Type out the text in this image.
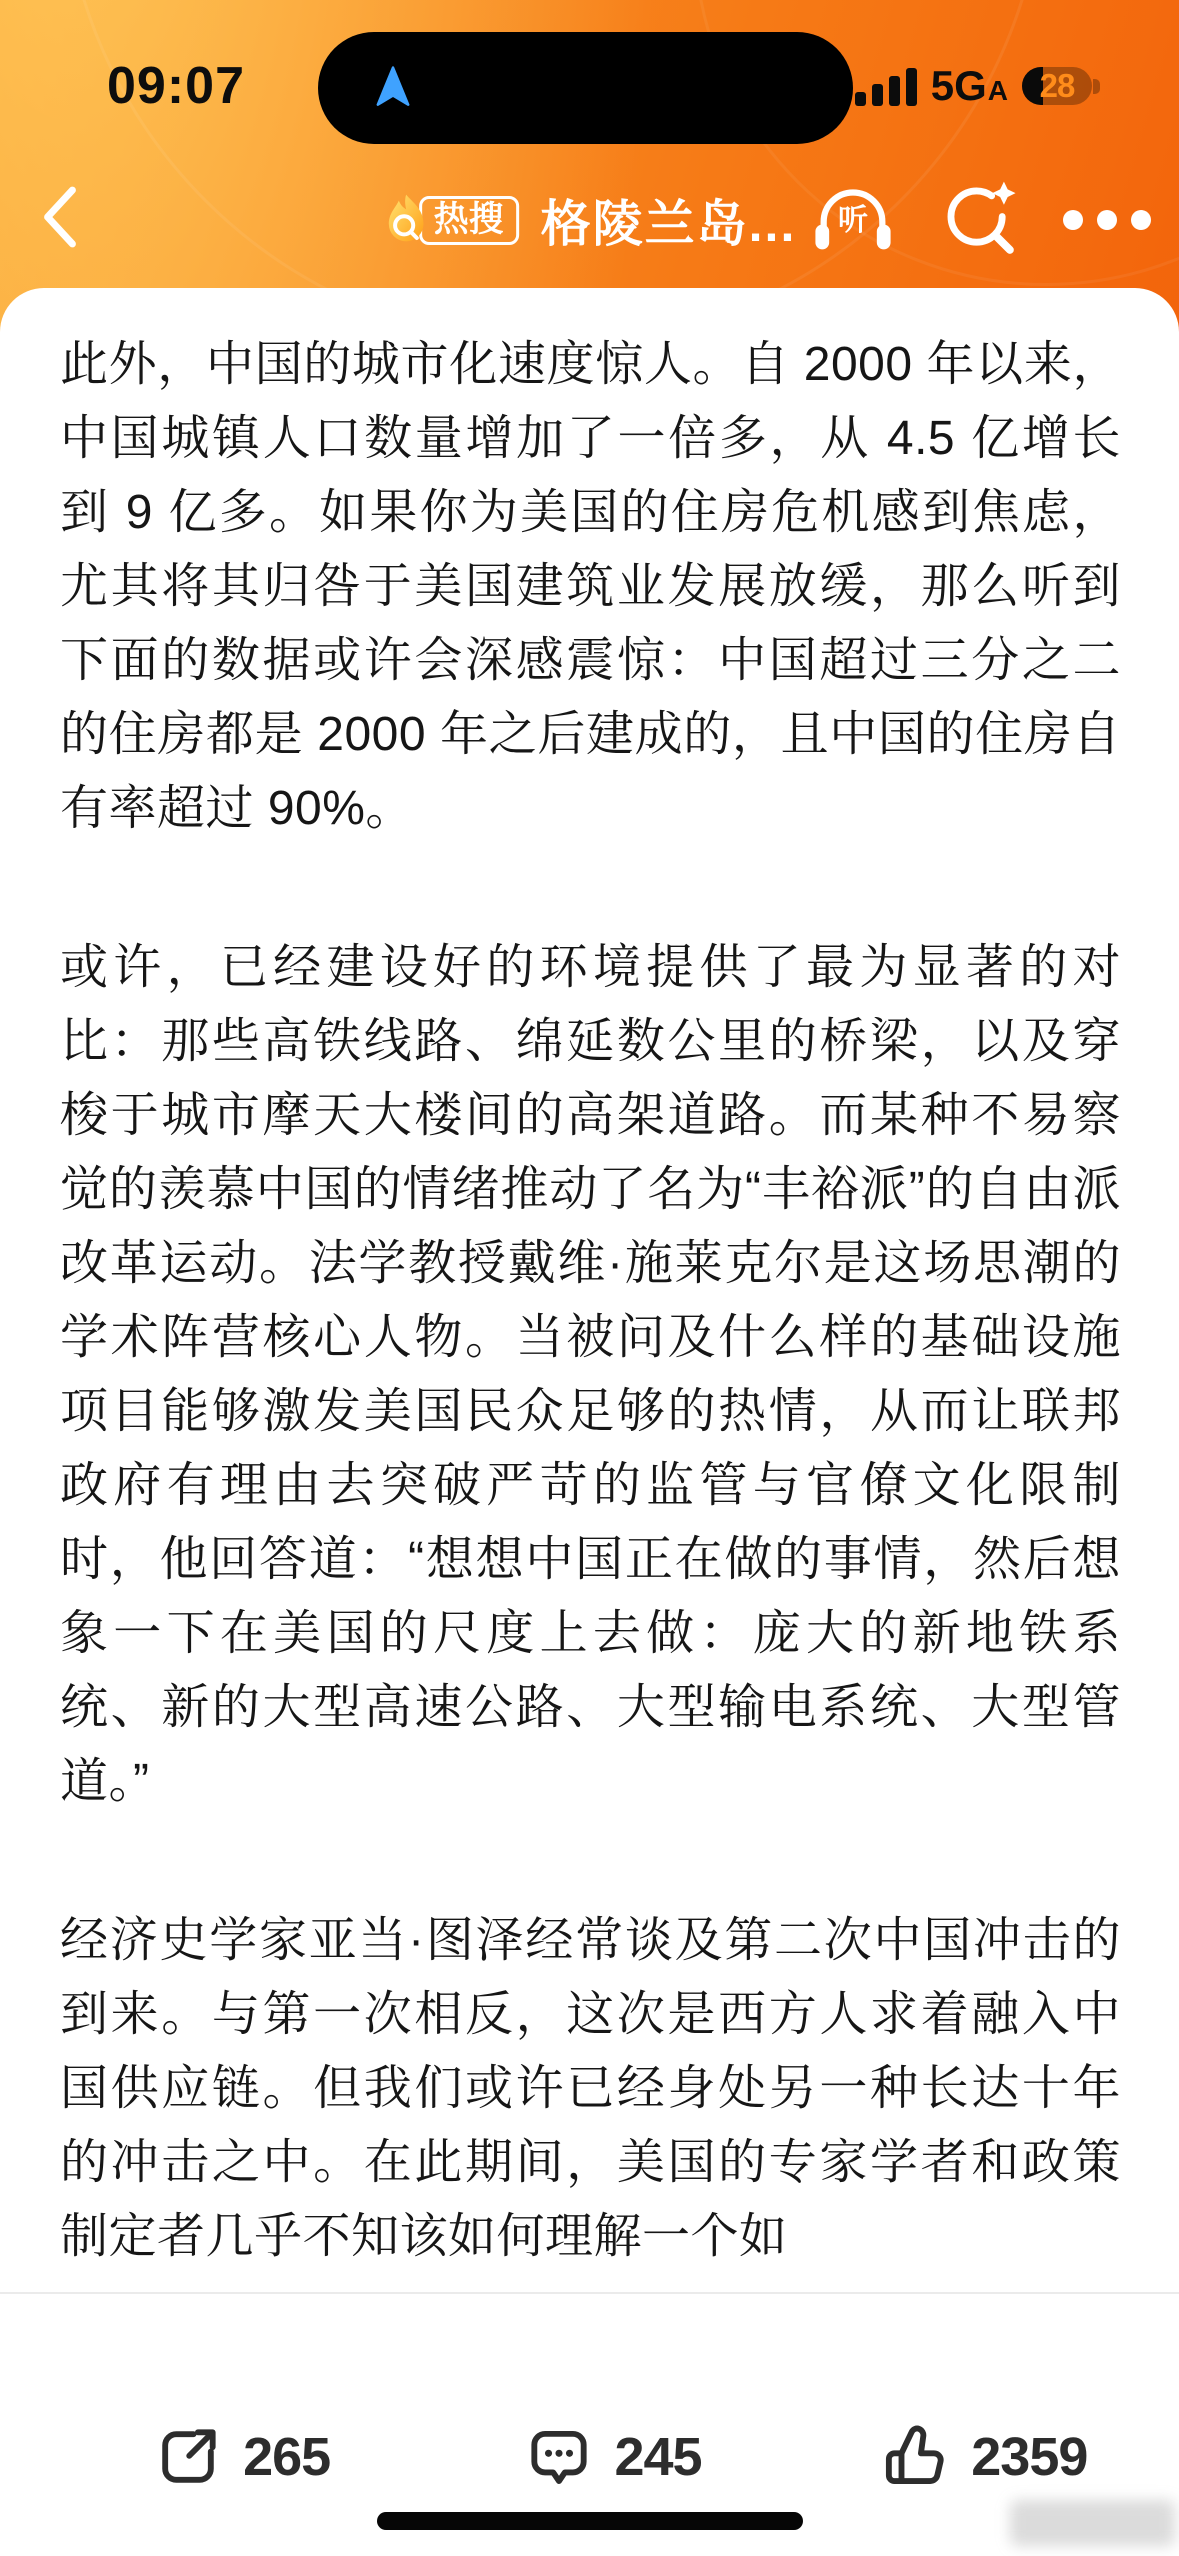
09:07	5G A 28
热搜 格陵兰岛... 听

此外，中国的城市化速度惊人。自 2000 年以来，中国城镇人口数量增加了一倍多，从 4.5 亿增长到 9 亿多。如果你为美国的住房危机感到焦虑，尤其将其归咎于美国建筑业发展放缓，那么听到下面的数据或许会深感震惊：中国超过三分之二的住房都是 2000 年之后建成的，且中国的住房自有率超过 90%。

或许，已经建设好的环境提供了最为显著的对比：那些高铁线路、绵延数公里的桥梁，以及穿梭于城市摩天大楼间的高架道路。而某种不易察觉的羡慕中国的情绪推动了名为“丰裕派”的自由派改革运动。法学教授戴维·施莱克尔是这场思潮的学术阵营核心人物。当被问及什么样的基础设施项目能够激发美国民众足够的热情，从而让联邦政府有理由去突破严苛的监管与官僚文化限制时，他回答道：“想想中国正在做的事情，然后想象一下在美国的尺度上去做：庞大的新地铁系统、新的大型高速公路、大型输电系统、大型管道。”

经济史学家亚当·图泽经常谈及第二次中国冲击的到来。与第一次相反，这次是西方人求着融入中国供应链。但我们或许已经身处另一种长达十年的冲击之中。在此期间，美国的专家学者和政策制定者几乎不知该如何理解一个如

265	245	2359
